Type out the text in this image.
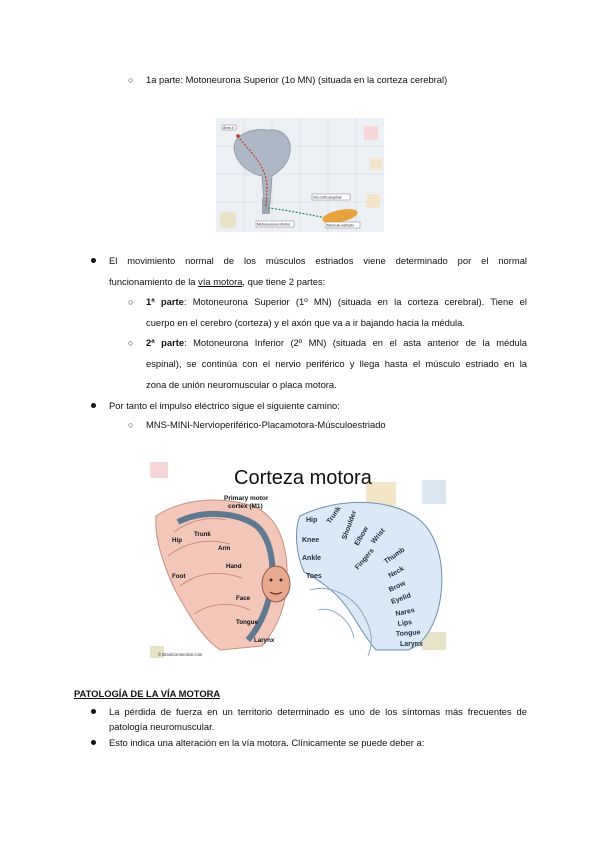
○ 1a parte: Motoneurona Superior (1o MN) (situada en la corteza cerebral)
Área 4
Vía corticoespinal
Motoneurona inferior	Músculo estriado
El movimiento normal de los músculos estriados viene determinado por el normal
funcionamiento de la vía motora, que tiene 2 partes:
○ 1ª parte: Motoneurona Superior (1º MN) (situada en la corteza cerebral). Tiene el
cuerpo en el cerebro (corteza) y el axón que va a ir bajando hacia la médula.
○ 2ª parte: Motoneurona Inferior (2º MN) (situada en el asta anterior de la médula
espinal), se continúa con el nervio periférico y llega hasta el músculo estriado en la
zona de unión neuromuscular o placa motora.
Por tanto el impulso eléctrico sigue el siguiente camino:
○ MNS-MINI-Nervioperiférico-Placamotora-Músculoestriado
Corteza motora
Primary motor
cortex (M1)
Hip
Trunk
Arm
Hand
Foot
Face
Tongue
Larynx
© BrainConnection.com
Hip Trunk
Shoulder
Elbow Wrist
Fingers Thumb
Neck
Brow
Eyelid
Nares
Lips
Tongue
Larynx
Knee
Ankle
Toes
PATOLOGÍA DE LA VÍA MOTORA
La pérdida de fuerza en un territorio determinado es uno de los síntomas más frecuentes de
patología neuromuscular.
Esto indica una alteración en la vía motora. Clínicamente se puede deber a:
